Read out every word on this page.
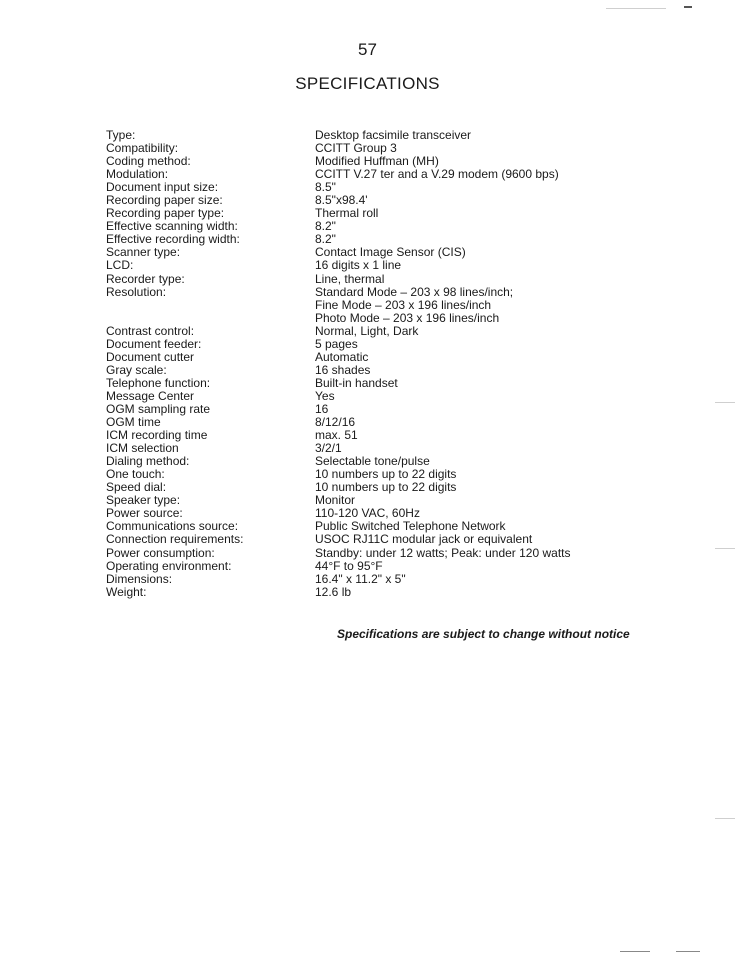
57
SPECIFICATIONS
Type:	Desktop facsimile transceiver
Compatibility:	CCITT Group 3
Coding method:	Modified Huffman (MH)
Modulation:	CCITT V.27 ter and a V.29 modem (9600 bps)
Document input size:	8.5"
Recording paper size:	8.5"x98.4'
Recording paper type:	Thermal roll
Effective scanning width:	8.2"
Effective recording width:	8.2"
Scanner type:	Contact Image Sensor (CIS)
LCD:	16 digits x 1 line
Recorder type:	Line, thermal
Resolution:	Standard Mode – 203 x 98 lines/inch;
Fine Mode – 203 x 196 lines/inch
Photo Mode – 203 x 196 lines/inch
Contrast control:	Normal, Light, Dark
Document feeder:	5 pages
Document cutter	Automatic
Gray scale:	16 shades
Telephone function:	Built-in handset
Message Center	Yes
OGM sampling rate	16
OGM time	8/12/16
ICM recording time	max. 51
ICM selection	3/2/1
Dialing method:	Selectable tone/pulse
One touch:	10 numbers up to 22 digits
Speed dial:	10 numbers up to 22 digits
Speaker type:	Monitor
Power source:	110-120 VAC, 60Hz
Communications source:	Public Switched Telephone Network
Connection requirements:	USOC RJ11C modular jack or equivalent
Power consumption:	Standby: under 12 watts; Peak: under 120 watts
Operating environment:	44°F to 95°F
Dimensions:	16.4" x 11.2" x 5"
Weight:	12.6 lb
Specifications are subject to change without notice
